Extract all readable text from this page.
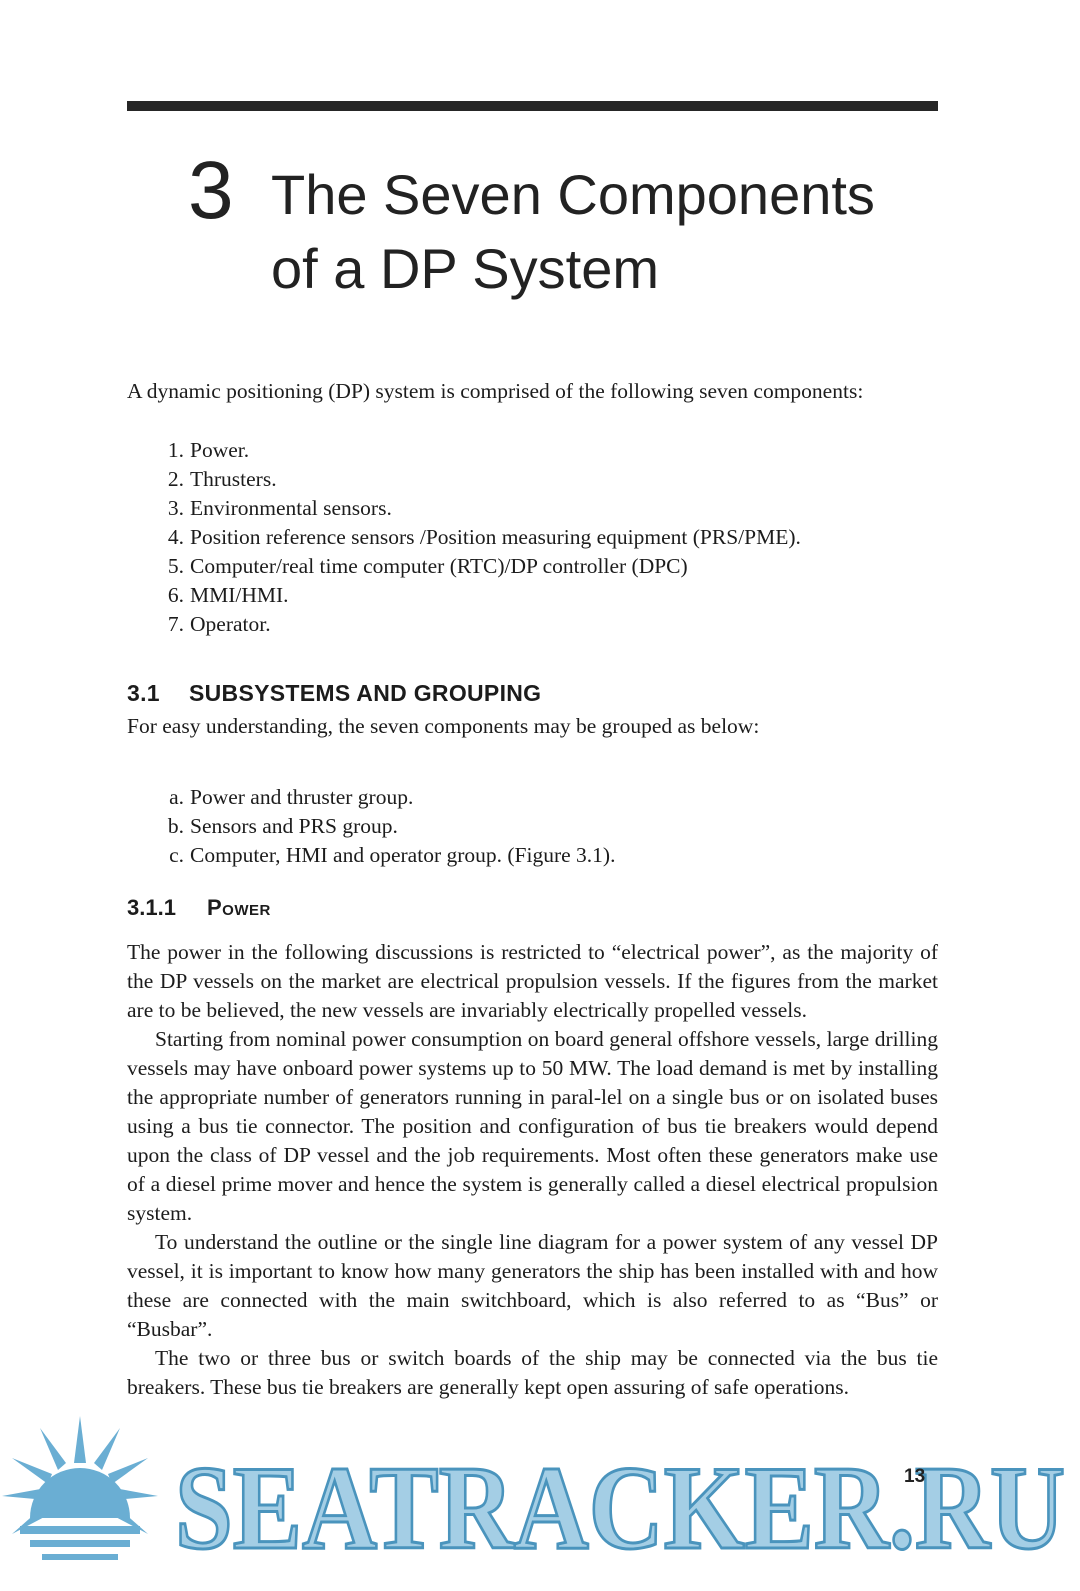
3 The Seven Components
of a DP System
A dynamic positioning (DP) system is comprised of the following seven components:
1. Power.
2. Thrusters.
3. Environmental sensors.
4. Position reference sensors /Position measuring equipment (PRS/PME).
5. Computer/real time computer (RTC)/DP controller (DPC)
6. MMI/HMI.
7. Operator.
3.1 SUBSYSTEMS AND GROUPING
For easy understanding, the seven components may be grouped as below:
a. Power and thruster group.
b. Sensors and PRS group.
c. Computer, HMI and operator group. (Figure 3.1).
3.1.1 Power

The power in the following discussions is restricted to “electrical power”, as the majority of the DP vessels on the market are electrical propulsion vessels. If the figures from the market are to be believed, the new vessels are invariably electrically propelled vessels.

Starting from nominal power consumption on board general offshore vessels, large drilling vessels may have onboard power systems up to 50 MW. The load demand is met by installing the appropriate number of generators running in paral-lel on a single bus or on isolated buses using a bus tie connector. The position and configuration of bus tie breakers would depend upon the class of DP vessel and the job requirements. Most often these generators make use of a diesel prime mover and hence the system is generally called a diesel electrical propulsion system.

To understand the outline or the single line diagram for a power system of any vessel DP vessel, it is important to know how many generators the ship has been installed with and how these are connected with the main switchboard, which is also referred to as “Bus” or “Busbar”.

The two or three bus or switch boards of the ship may be connected via the bus tie breakers. These bus tie breakers are generally kept open assuring of safe operations.

SEATRACKER.RU
13
